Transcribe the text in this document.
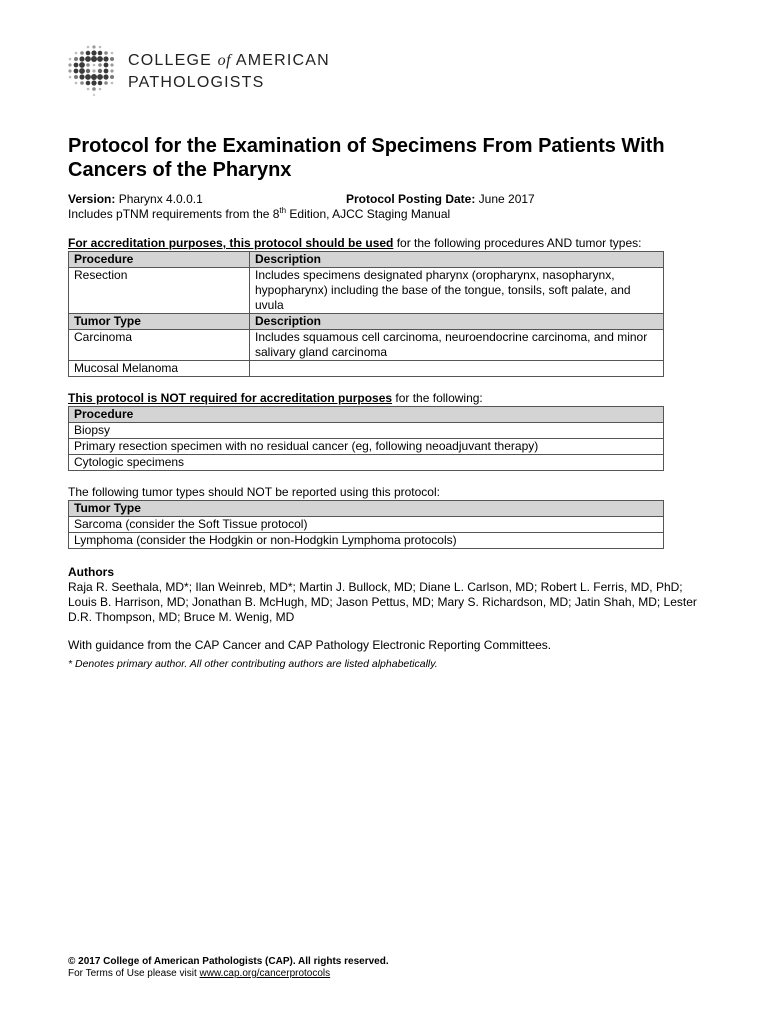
COLLEGE of AMERICAN
PATHOLOGISTS
Protocol for the Examination of Specimens From Patients With Cancers of the Pharynx
Version: Pharynx 4.0.0.1	Protocol Posting Date: June 2017
Includes pTNM requirements from the 8th Edition, AJCC Staging Manual
For accreditation purposes, this protocol should be used for the following procedures AND tumor types:
Procedure	Description
Resection	Includes specimens designated pharynx (oropharynx, nasopharynx, hypopharynx) including the base of the tongue, tonsils, soft palate, and uvula
Tumor Type	Description
Carcinoma	Includes squamous cell carcinoma, neuroendocrine carcinoma, and minor salivary gland carcinoma
Mucosal Melanoma	
This protocol is NOT required for accreditation purposes for the following:
Procedure
Biopsy
Primary resection specimen with no residual cancer (eg, following neoadjuvant therapy)
Cytologic specimens
The following tumor types should NOT be reported using this protocol:
Tumor Type
Sarcoma (consider the Soft Tissue protocol)
Lymphoma (consider the Hodgkin or non-Hodgkin Lymphoma protocols)
Authors

Raja R. Seethala, MD*; Ilan Weinreb, MD*; Martin J. Bullock, MD; Diane L. Carlson, MD; Robert L. Ferris, MD, PhD; Louis B. Harrison, MD; Jonathan B. McHugh, MD; Jason Pettus, MD; Mary S. Richardson, MD; Jatin Shah, MD; Lester D.R. Thompson, MD; Bruce M. Wenig, MD

With guidance from the CAP Cancer and CAP Pathology Electronic Reporting Committees.

* Denotes primary author. All other contributing authors are listed alphabetically.
© 2017 College of American Pathologists (CAP). All rights reserved.
For Terms of Use please visit www.cap.org/cancerprotocols
